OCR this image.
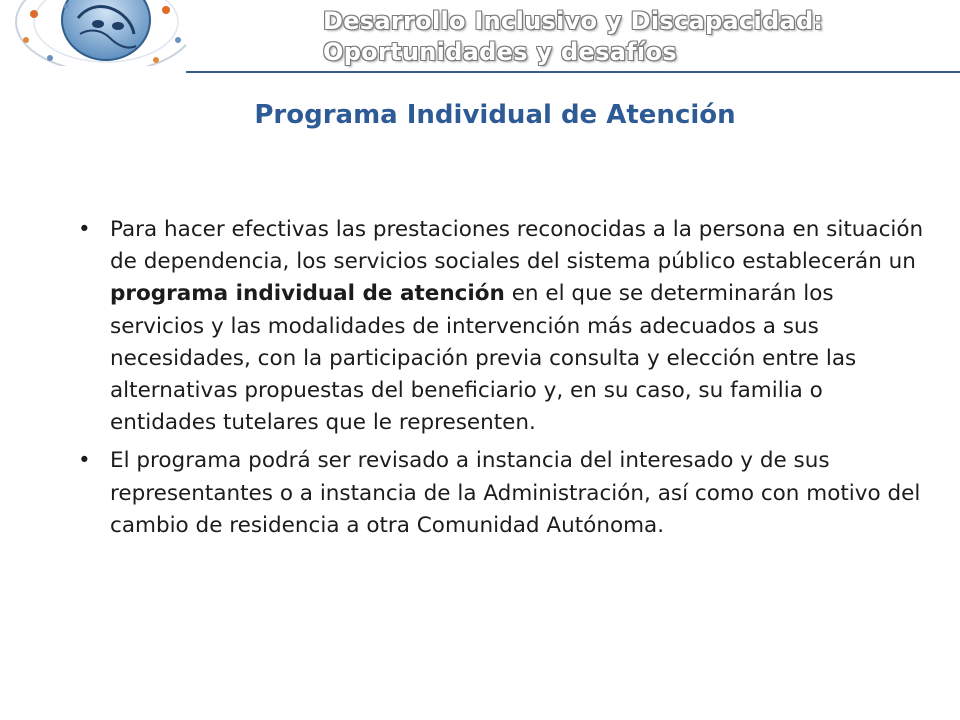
Desarrollo Inclusivo y Discapacidad:
Oportunidades y desafíos
Programa Individual de Atención
• Para hacer efectivas las prestaciones reconocidas a la persona en situación de dependencia, los servicios sociales del sistema público establecerán un programa individual de atención en el que se determinarán los servicios y las modalidades de intervención más adecuados a sus necesidades, con la participación previa consulta y elección entre las alternativas propuestas del beneficiario y, en su caso, su familia o entidades tutelares que le representen.
• El programa podrá ser revisado a instancia del interesado y de sus representantes o a instancia de la Administración, así como con motivo del cambio de residencia a otra Comunidad Autónoma.
